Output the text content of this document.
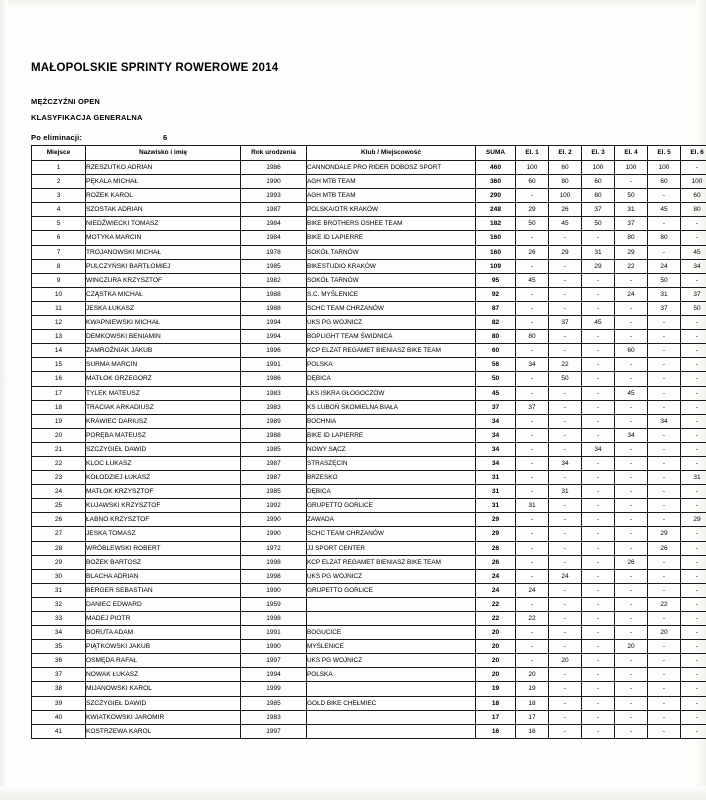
MAŁOPOLSKIE SPRINTY ROWEROWE 2014
MĘŻCZYŹNI OPEN
KLASYFIKACJA GENERALNA
Po eliminacji:	6
Miejsce	Nazwisko i imię	Rok urodzenia	Klub / Miejscowość	SUMA	El. 1	El. 2	El. 3	El. 4	El. 5	El. 6
1	RZESZUTKO ADRIAN	1986	CANNONDALE PRO RIDER DOBOSZ SPORT	460	100	60	100	100	100	-
2	PĘKALA MICHAŁ	1990	AGH MTB TEAM	360	60	80	60	-	60	100
3	ROŻEK KAROL	1993	AGH MTB TEAM	290	-	100	80	50	-	60
4	SZOSTAK ADRIAN	1987	POLSKA/OTR KRAKÓW	248	29	26	37	31	45	80
5	NIEDŹWIECKI TOMASZ	1984	BIKE BROTHERS OSHEE TEAM	182	50	45	50	37	-	-
6	MOTYKA MARCIN	1984	BIKE ID LAPIERRE	160	-	-	-	80	80	-
7	TROJANOWSKI MICHAŁ	1978	SOKÓŁ TARNÓW	160	26	29	31	29	-	45
8	PULCZYŃSKI BARTŁOMIEJ	1985	BIKESTUDIO KRAKÓW	109	-	-	29	22	24	34
9	WINCZURA KRZYSZTOF	1982	SOKÓŁ TARNÓW	95	45	-	-	-	50	-
10	CZĄSTKA MICHAŁ	1988	S.C. MYŚLENICE	92	-	-	-	24	31	37
11	JESKA ŁUKASZ	1988	SCHC TEAM CHRZANÓW	87	-	-	-	-	37	50
12	KWAPNIEWSKI MICHAŁ	1994	UKS PG WOJNICZ	82	-	37	45	-	-	-
13	DEMKOWSKI BENIAMIN	1994	BOPLIGHT TEAM ŚWIDNICA	80	80	-	-	-	-	-
14	ZAMROŹNIAK JAKUB	1996	KCP ELZAT REGAMET BIENIASZ BIKE TEAM	60	-	-	-	60	-	-
15	SURMA MARCIN	1991	POLSKA	56	34	22	-	-	-	-
16	MATŁOK GRZEGORZ	1986	DĘBICA	50	-	50	-	-	-	-
17	TYLEK MATEUSZ	1983	LKS ISKRA GŁOGOCZÓW	45	-	-	-	45	-	-
18	TRACIAK ARKADIUSZ	1983	KS LUBOŃ SKOMIELNA BIAŁA	37	37	-	-	-	-	-
19	KRAWIEC DARIUSZ	1989	BOCHNIA	34	-	-	-	-	34	-
20	PORĘBA MATEUSZ	1988	BIKE ID LAPIERRE	34	-	-	-	34	-	-
21	SZCZYGIEŁ DAWID	1985	NOWY SĄCZ	34	-	-	34	-	-	-
22	KLOC ŁUKASZ	1987	STRASZĘCIN	34	-	34	-	-	-	-
23	KOŁODZIEJ ŁUKASZ	1987	BRZESKO	31	-	-	-	-	-	31
24	MATŁOK KRZYSZTOF	1985	DĘBICA	31	-	31	-	-	-	-
25	KUJAWSKI KRZYSZTOF	1992	GRUPETTO GORLICE	31	31	-	-	-	-	-
26	ŁABNO KRZYSZTOF	1990	ZAWADA	29	-	-	-	-	-	29
27	JESKA TOMASZ	1990	SCHC TEAM CHRZANÓW	29	-	-	-	-	29	-
28	WRÓBLEWSKI ROBERT	1972	JJ SPORT CENTER	26	-	-	-	-	26	-
29	BOŻEK BARTOSZ	1998	KCP ELZAT REGAMET BIENIASZ BIKE TEAM	26	-	-	-	26	-	-
30	BLACHA ADRIAN	1998	UKS PG WOJNICZ	24	-	24	-	-	-	-
31	BERGER SEBASTIAN	1990	GRUPETTO GORLICE	24	24	-	-	-	-	-
32	DANIEC EDWARD	1959		22	-	-	-	-	22	-
33	MADEJ PIOTR	1998		22	22	-	-	-	-	-
34	BORUTA ADAM	1991	BOGUCICE	20	-	-	-	-	20	-
35	PIĄTKOWSKI JAKUB	1990	MYŚLENICE	20	-	-	-	20	-	-
36	OSMĘDA RAFAŁ	1997	UKS PG WOJNICZ	20	-	20	-	-	-	-
37	NOWAK ŁUKASZ	1994	POLSKA	20	20	-	-	-	-	-
38	MIJANOWSKI KAROL	1999		19	19	-	-	-	-	-
39	SZCZYGIEŁ DAWID	1985	GOLD BIKE CHEŁMIEC	18	18	-	-	-	-	-
40	KWIATKOWSKI JAROMIR	1983		17	17	-	-	-	-	-
41	KOSTRZEWA KAROL	1997		16	16	-	-	-	-	-
